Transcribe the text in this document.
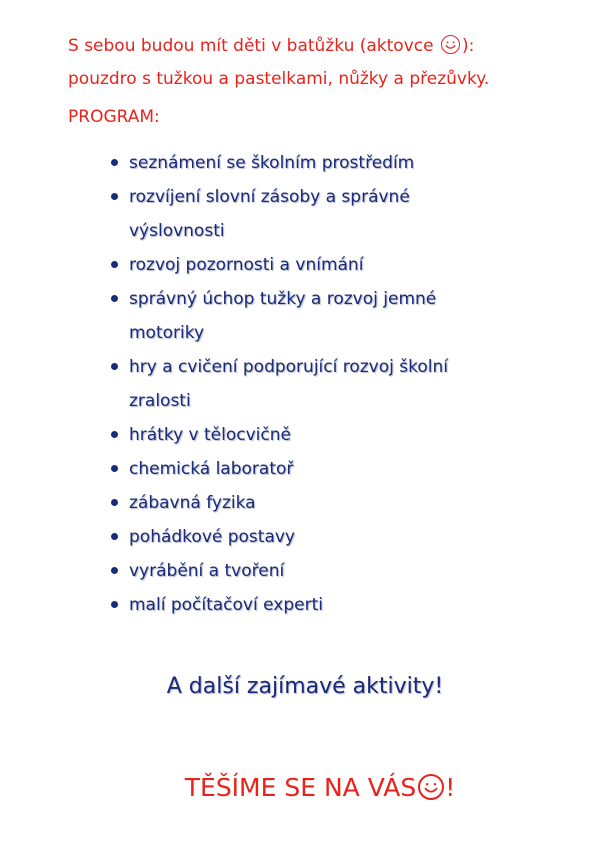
S sebou budou mít děti v batůžku (aktovce
):
pouzdro s tužkou a pastelkami, nůžky a přezůvky.
PROGRAM:
seznámení se školním prostředím
rozvíjení slovní zásoby a správné
výslovnosti
rozvoj pozornosti a vnímání
správný úchop tužky a rozvoj jemné
motoriky
hry a cvičení podporující rozvoj školní
zralosti
hrátky v tělocvičně
chemická laboratoř
zábavná fyzika
pohádkové postavy
vyrábění a tvoření
malí počítačoví experti
A další zajímavé aktivity!
TĚŠÍME SE NA VÁS !
